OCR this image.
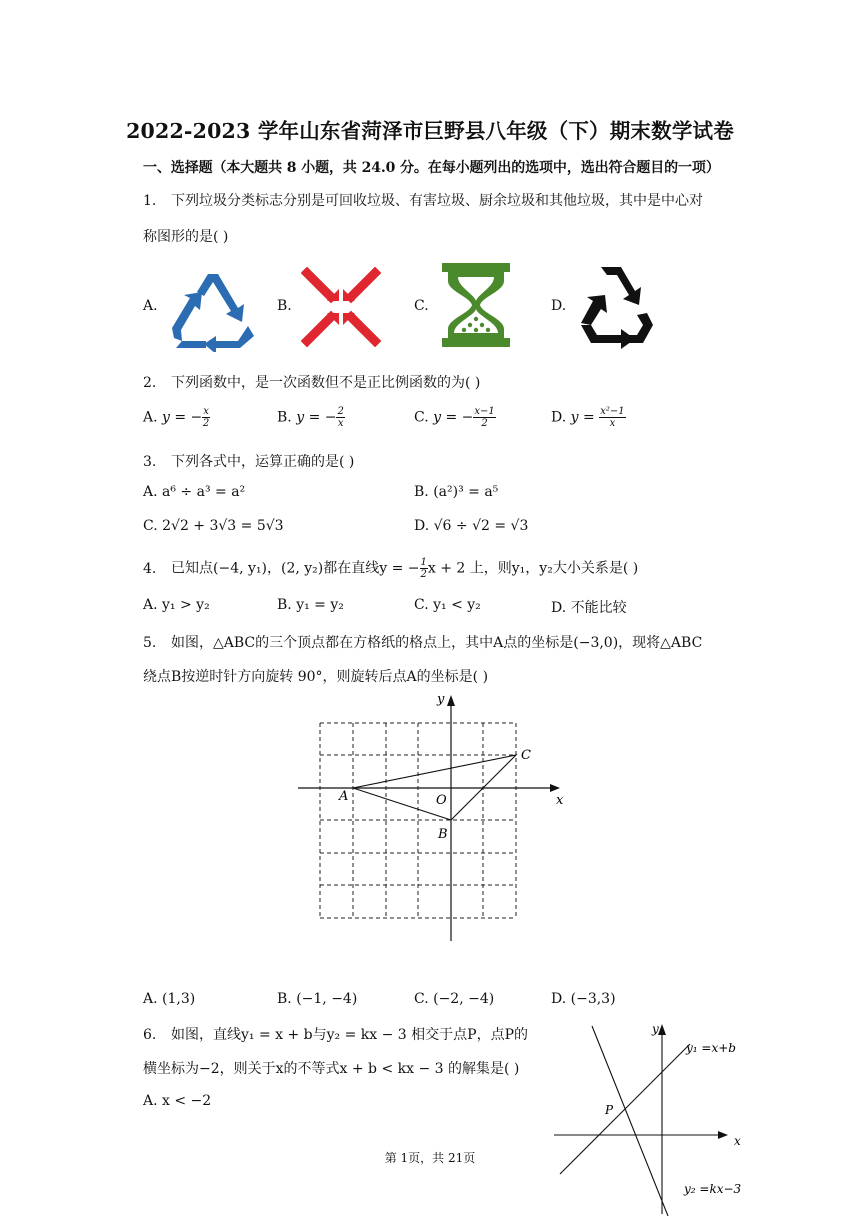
2022-2023 学年山东省菏泽市巨野县八年级（下）期末数学试卷
一、选择题（本大题共 8 小题，共 24.0 分。在每小题列出的选项中，选出符合题目的一项）
1. 下列垃圾分类标志分别是可回收垃圾、有害垃圾、厨余垃圾和其他垃圾，其中是中心对
称图形的是( )
A.	B.	C.	D.
2. 下列函数中，是一次函数但不是正比例函数的为( )
A. y = − $\frac{x}{2}$	B. y = − $\frac{2}{x}$	C. y = − $\frac{x-1}{2}$	D. $y = \frac{\text{x²−1}}{x}$
3. 下列各式中，运算正确的是( )
A. a⁶ ÷ a³ = a²	B. (a²)³ = a⁵
C. 2√2 + 3√3 = 5√3	D. √6 ÷ √2 = √3
4. 已知点(−4, y₁)，(2, y₂)都在直线y = − $\frac{1}{2}$ x + 2 上，则y₁，y₂大小关系是( )
A. y₁ > y₂	B. y₁ = y₂	C. y₁ < y₂	D. 不能比较
5. 如图，△ABC的三个顶点都在方格纸的格点上，其中A点的坐标是(−3,0)，现将△ABC
绕点B按逆时针方向旋转 90°，则旋转后点A的坐标是( )
A
B
C
O	x
y
A. (1,3)	B. (−1, −4)	C. (−2, −4)	D. (−3,3)
6. 如图，直线y₁ = x + b与y₂ = kx − 3 相交于点P，点P的
横坐标为−2，则关于x的不等式x + b < kx − 3 的解集是( )
A. x < −2
P
x
y
y₁ =x+b
y₂ =kx−3
第 1页，共 21页
